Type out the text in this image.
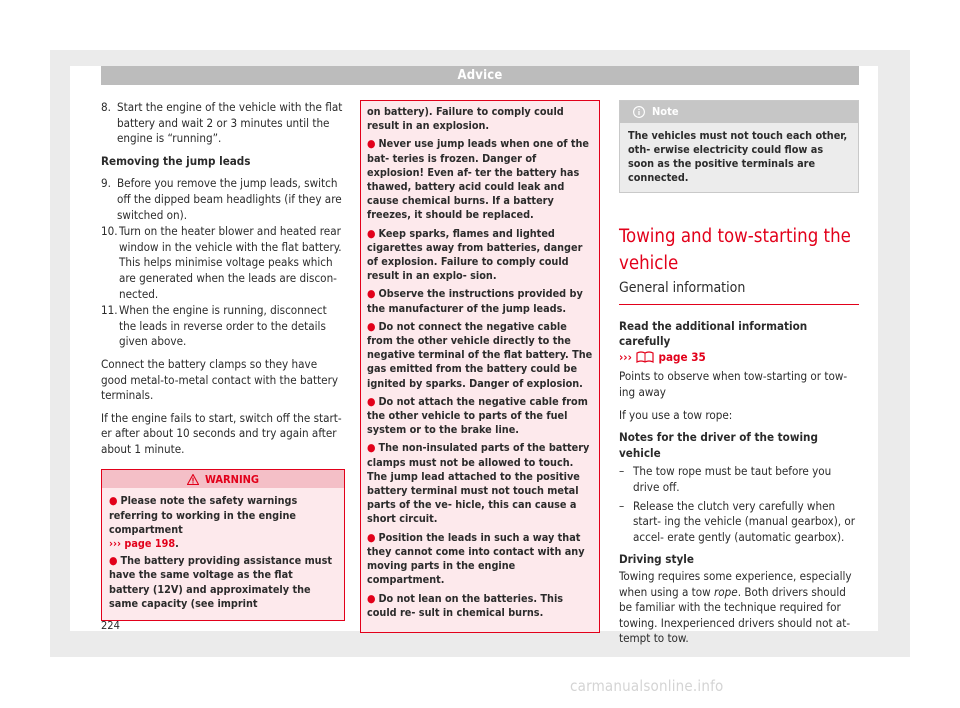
Advice
8. Start the engine of the vehicle with the flat battery and wait 2 or 3 minutes until the engine is “running”.

Removing the jump leads

9. Before you remove the jump leads, switch off the dipped beam headlights (if they are switched on).
10. Turn on the heater blower and heated rear window in the vehicle with the flat battery. This helps minimise voltage peaks which are generated when the leads are discon- nected.
11. When the engine is running, disconnect the leads in reverse order to the details given above.

Connect the battery clamps so they have good metal-to-metal contact with the battery terminals.

If the engine fails to start, switch off the start- er after about 10 seconds and try again after about 1 minute.

WARNING
● Please note the safety warnings referring to working in the engine compartment
››› page 198.
● The battery providing assistance must have the same voltage as the flat battery (12V) and approximately the same capacity (see imprint
on battery). Failure to comply could result in an explosion.
● Never use jump leads when one of the bat- teries is frozen. Danger of explosion! Even af- ter the battery has thawed, battery acid could leak and cause chemical burns. If a battery freezes, it should be replaced.
● Keep sparks, flames and lighted cigarettes away from batteries, danger of explosion. Failure to comply could result in an explo- sion.
● Observe the instructions provided by the manufacturer of the jump leads.
● Do not connect the negative cable from the other vehicle directly to the negative terminal of the flat battery. The gas emitted from the battery could be ignited by sparks. Danger of explosion.
● Do not attach the negative cable from the other vehicle to parts of the fuel system or to the brake line.
● The non-insulated parts of the battery clamps must not be allowed to touch. The jump lead attached to the positive battery terminal must not touch metal parts of the ve- hicle, this can cause a short circuit.
● Position the leads in such a way that they cannot come into contact with any moving parts in the engine compartment.
● Do not lean on the batteries. This could re- sult in chemical burns.
Note
The vehicles must not touch each other, oth- erwise electricity could flow as soon as the positive terminals are connected.
Towing and tow-starting the vehicle
General information
Read the additional information carefully
››› page 35

Points to observe when tow-starting or tow- ing away

If you use a tow rope:

Notes for the driver of the towing vehicle
– The tow rope must be taut before you drive off.
– Release the clutch very carefully when start- ing the vehicle (manual gearbox), or accel- erate gently (automatic gearbox).
Driving style

Towing requires some experience, especially when using a tow rope. Both drivers should be familiar with the technique required for towing. Inexperienced drivers should not at- tempt to tow.

224
carmanualsonline.info
